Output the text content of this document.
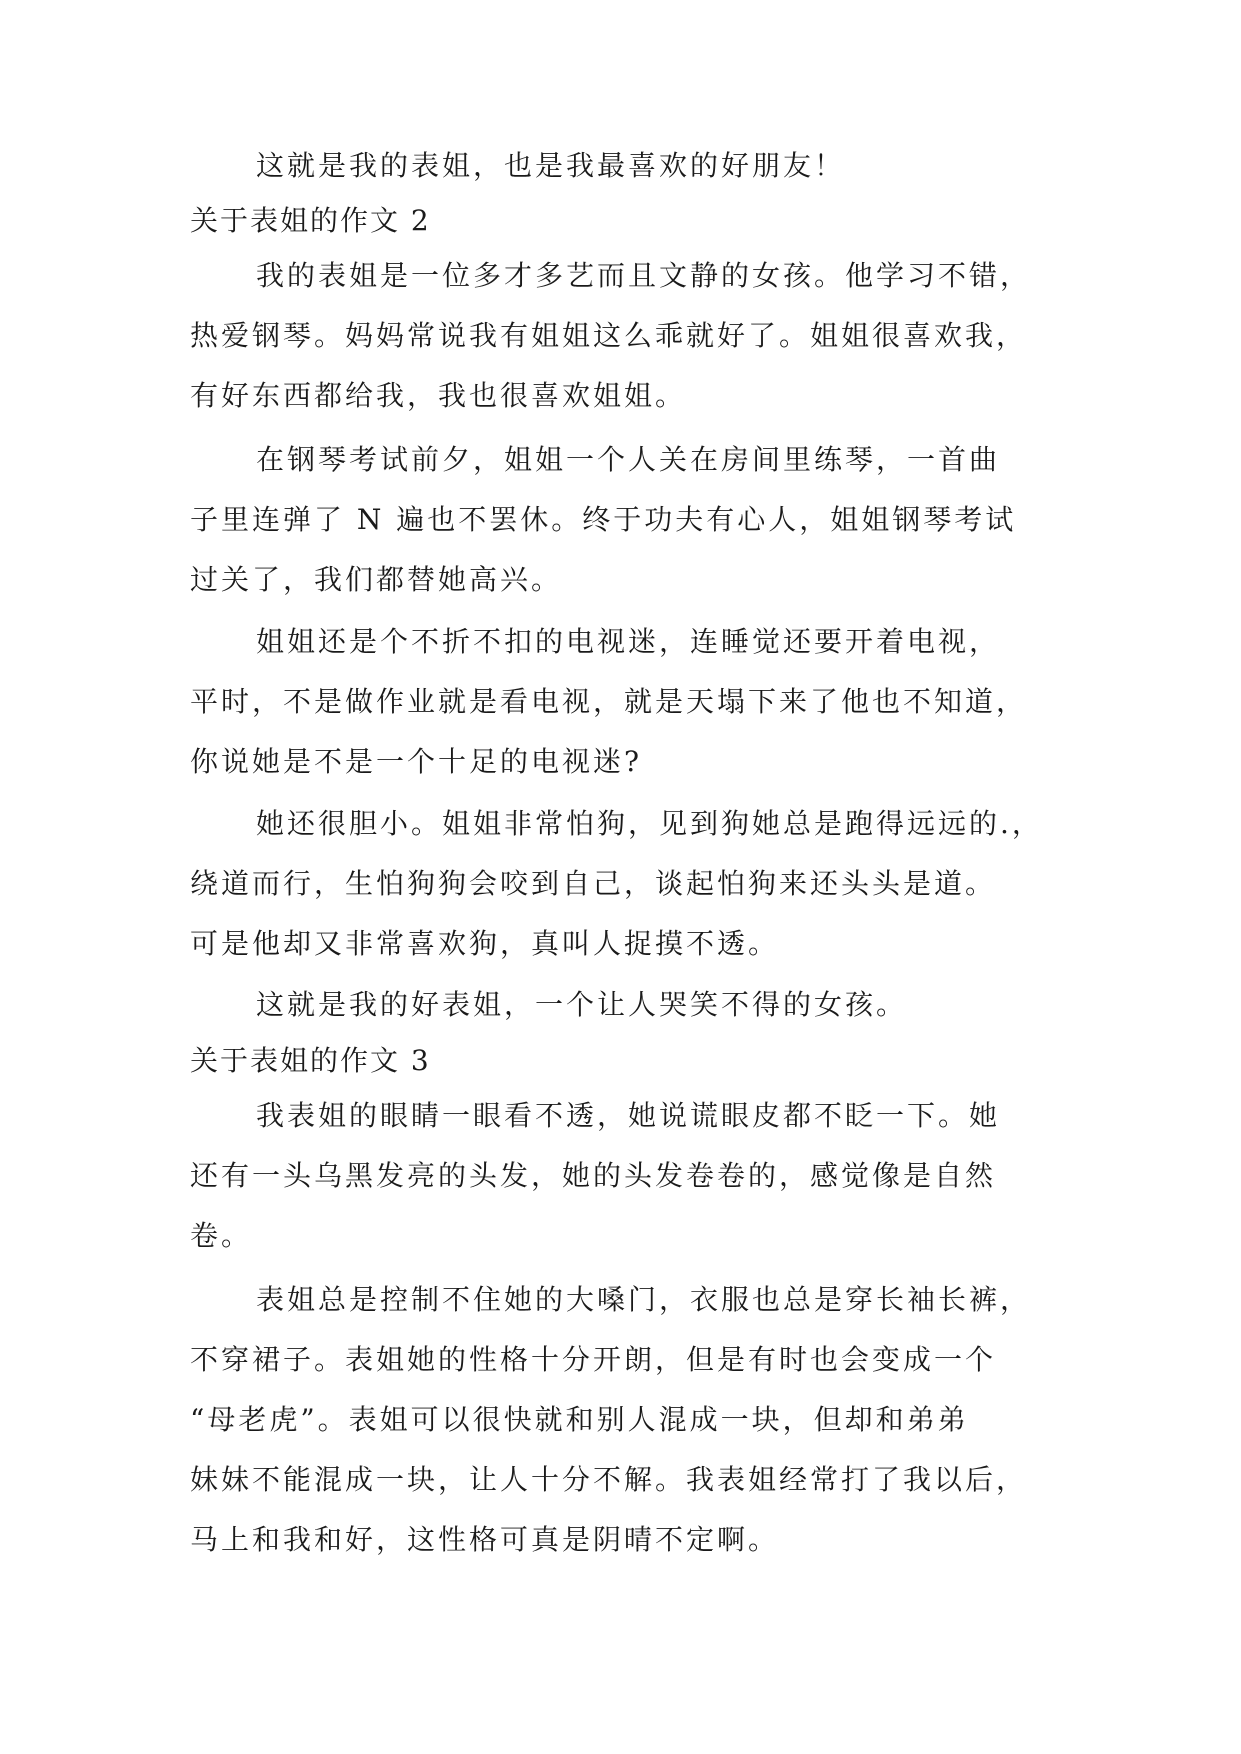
这就是我的表姐，也是我最喜欢的好朋友！
关于表姐的作文 2
我的表姐是一位多才多艺而且文静的女孩。他学习不错，
热爱钢琴。妈妈常说我有姐姐这么乖就好了。姐姐很喜欢我，
有好东西都给我，我也很喜欢姐姐。
在钢琴考试前夕，姐姐一个人关在房间里练琴，一首曲
子里连弹了 N 遍也不罢休。终于功夫有心人，姐姐钢琴考试
过关了，我们都替她高兴。
姐姐还是个不折不扣的电视迷，连睡觉还要开着电视，
平时，不是做作业就是看电视，就是天塌下来了他也不知道，
你说她是不是一个十足的电视迷?
她还很胆小。姐姐非常怕狗，见到狗她总是跑得远远的.，
绕道而行，生怕狗狗会咬到自己，谈起怕狗来还头头是道。
可是他却又非常喜欢狗，真叫人捉摸不透。
这就是我的好表姐，一个让人哭笑不得的女孩。
关于表姐的作文 3
我表姐的眼睛一眼看不透，她说谎眼皮都不眨一下。她
还有一头乌黑发亮的头发，她的头发卷卷的，感觉像是自然
卷。
表姐总是控制不住她的大嗓门，衣服也总是穿长袖长裤，
不穿裙子。表姐她的性格十分开朗，但是有时也会变成一个
“母老虎”。表姐可以很快就和别人混成一块，但却和弟弟
妹妹不能混成一块，让人十分不解。我表姐经常打了我以后，
马上和我和好，这性格可真是阴晴不定啊。
